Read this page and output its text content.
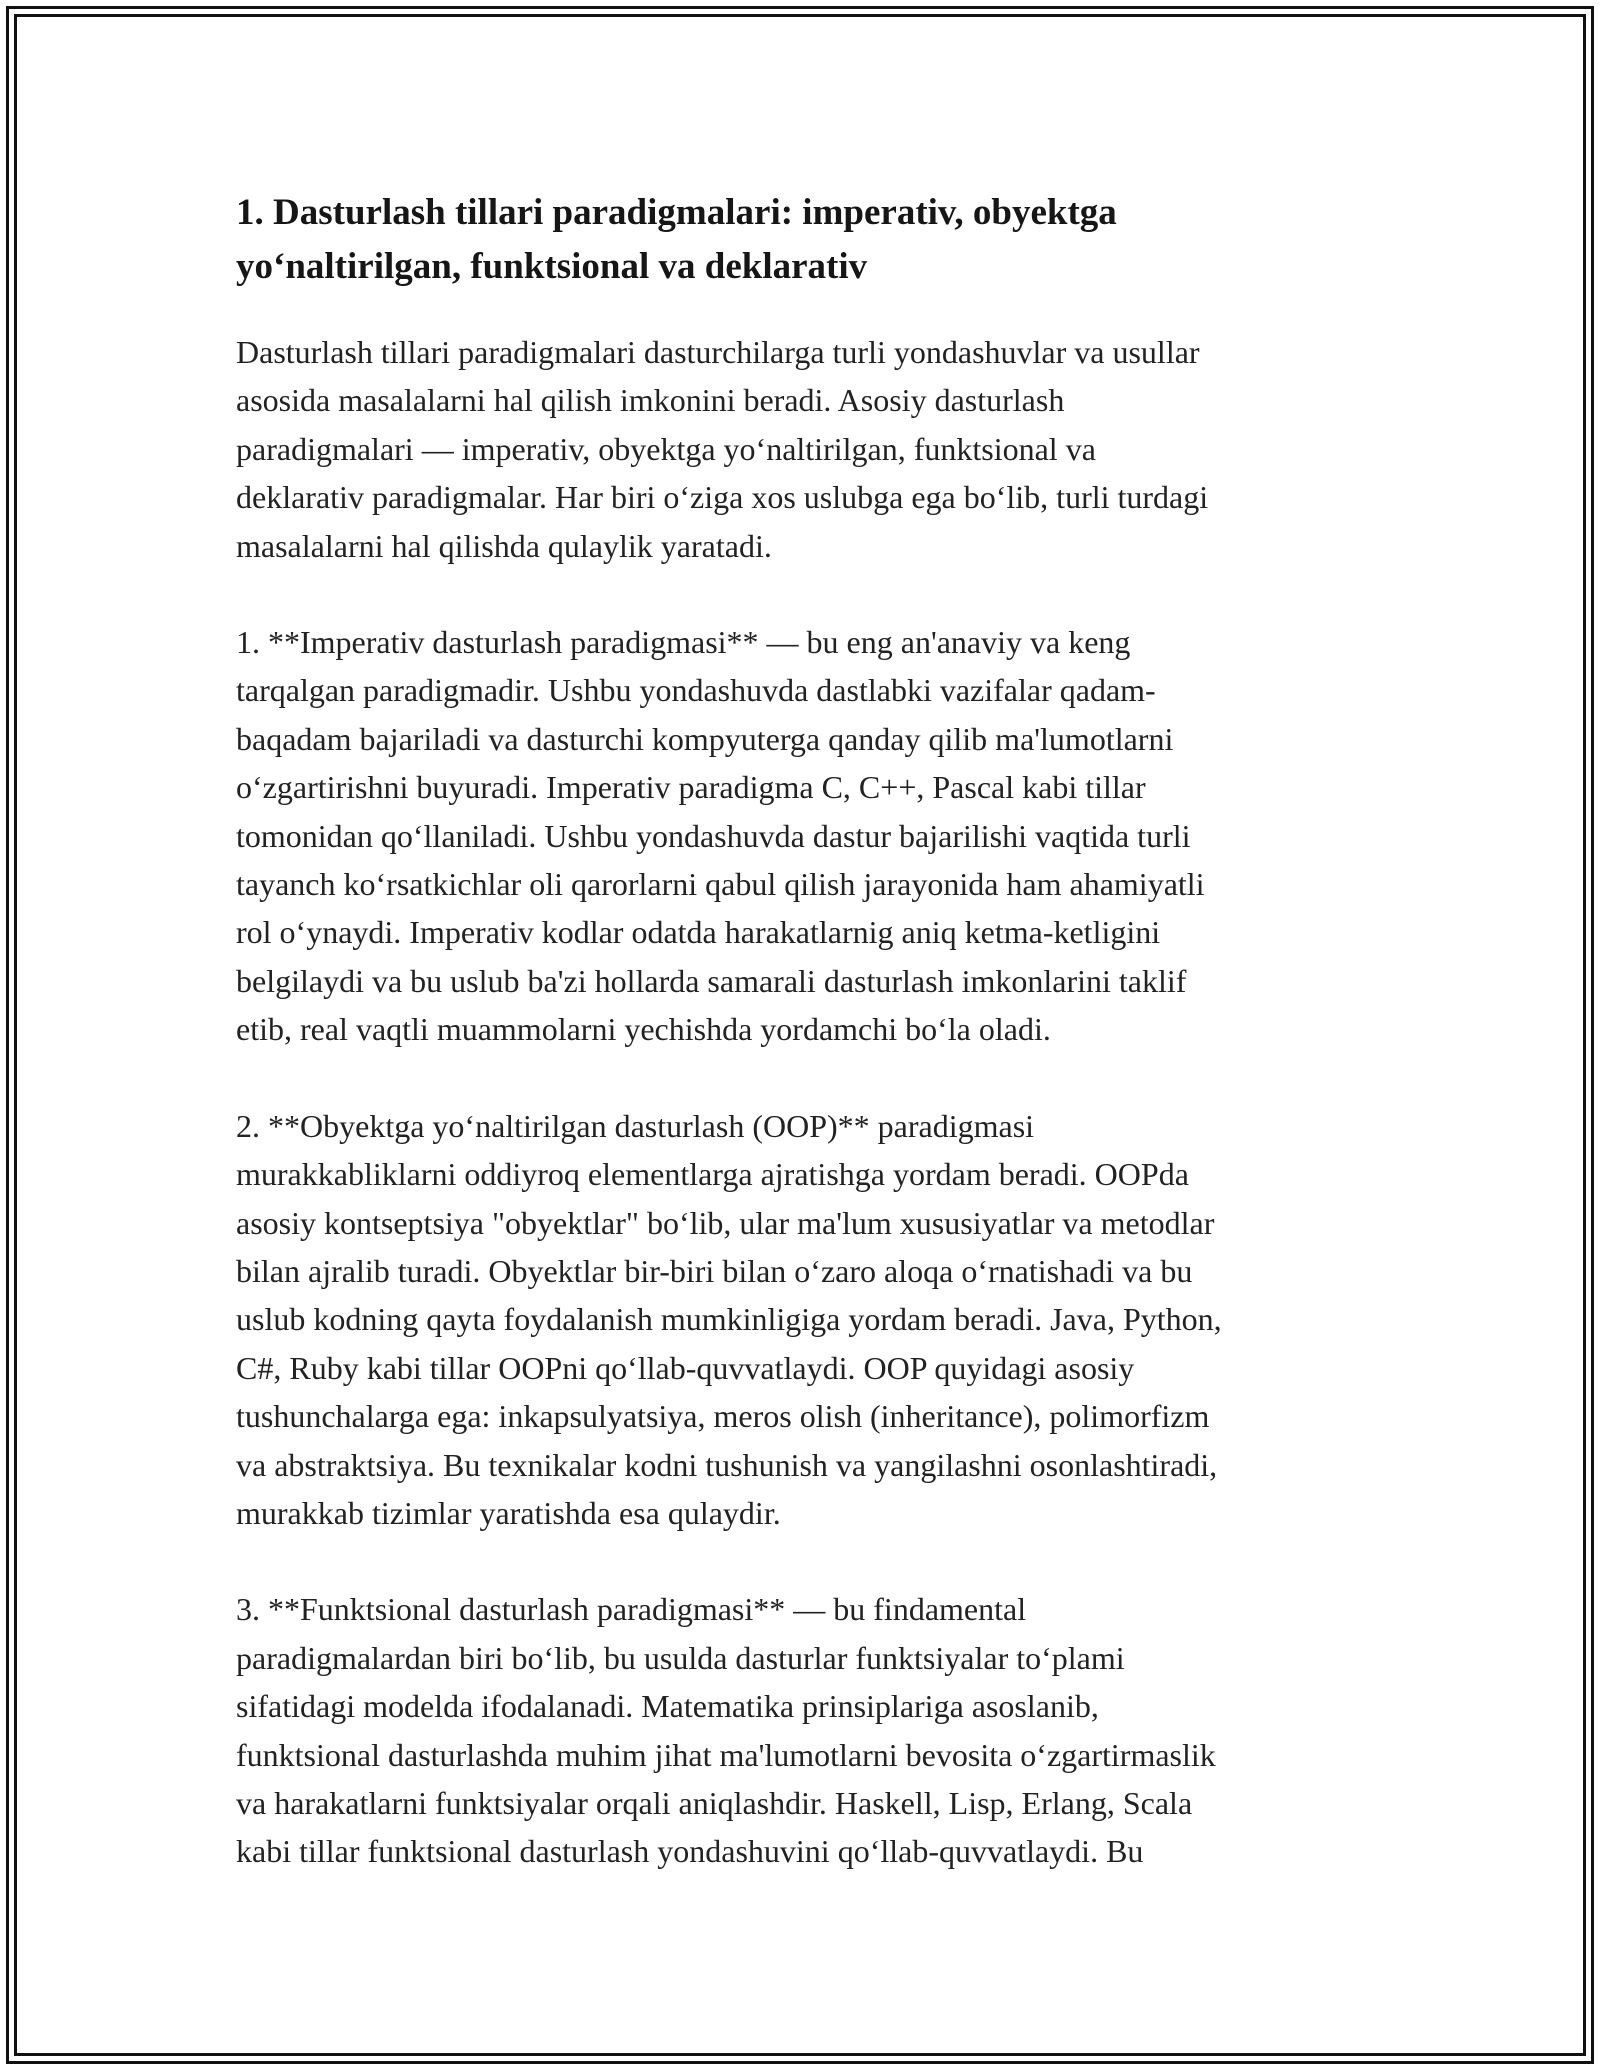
1. Dasturlash tillari paradigmalari: imperativ, obyektga
yo‘naltirilgan, funktsional va deklarativ

Dasturlash tillari paradigmalari dasturchilarga turli yondashuvlar va usullar
asosida masalalarni hal qilish imkonini beradi. Asosiy dasturlash
paradigmalari — imperativ, obyektga yo‘naltirilgan, funktsional va
deklarativ paradigmalar. Har biri o‘ziga xos uslubga ega bo‘lib, turli turdagi
masalalarni hal qilishda qulaylik yaratadi.

1. **Imperativ dasturlash paradigmasi** — bu eng an'anaviy va keng
tarqalgan paradigmadir. Ushbu yondashuvda dastlabki vazifalar qadam-
baqadam bajariladi va dasturchi kompyuterga qanday qilib ma'lumotlarni
o‘zgartirishni buyuradi. Imperativ paradigma C, C++, Pascal kabi tillar
tomonidan qo‘llaniladi. Ushbu yondashuvda dastur bajarilishi vaqtida turli
tayanch ko‘rsatkichlar oli qarorlarni qabul qilish jarayonida ham ahamiyatli
rol o‘ynaydi. Imperativ kodlar odatda harakatlarnig aniq ketma-ketligini
belgilaydi va bu uslub ba'zi hollarda samarali dasturlash imkonlarini taklif
etib, real vaqtli muammolarni yechishda yordamchi bo‘la oladi.

2. **Obyektga yo‘naltirilgan dasturlash (OOP)** paradigmasi
murakkabliklarni oddiyroq elementlarga ajratishga yordam beradi. OOPda
asosiy kontseptsiya "obyektlar" bo‘lib, ular ma'lum xususiyatlar va metodlar
bilan ajralib turadi. Obyektlar bir-biri bilan o‘zaro aloqa o‘rnatishadi va bu
uslub kodning qayta foydalanish mumkinligiga yordam beradi. Java, Python,
C#, Ruby kabi tillar OOPni qo‘llab-quvvatlaydi. OOP quyidagi asosiy
tushunchalarga ega: inkapsulyatsiya, meros olish (inheritance), polimorfizm
va abstraktsiya. Bu texnikalar kodni tushunish va yangilashni osonlashtiradi,
murakkab tizimlar yaratishda esa qulaydir.

3. **Funktsional dasturlash paradigmasi** — bu findamental
paradigmalardan biri bo‘lib, bu usulda dasturlar funktsiyalar to‘plami
sifatidagi modelda ifodalanadi. Matematika prinsiplariga asoslanib,
funktsional dasturlashda muhim jihat ma'lumotlarni bevosita o‘zgartirmaslik
va harakatlarni funktsiyalar orqali aniqlashdir. Haskell, Lisp, Erlang, Scala
kabi tillar funktsional dasturlash yondashuvini qo‘llab-quvvatlaydi. Bu
